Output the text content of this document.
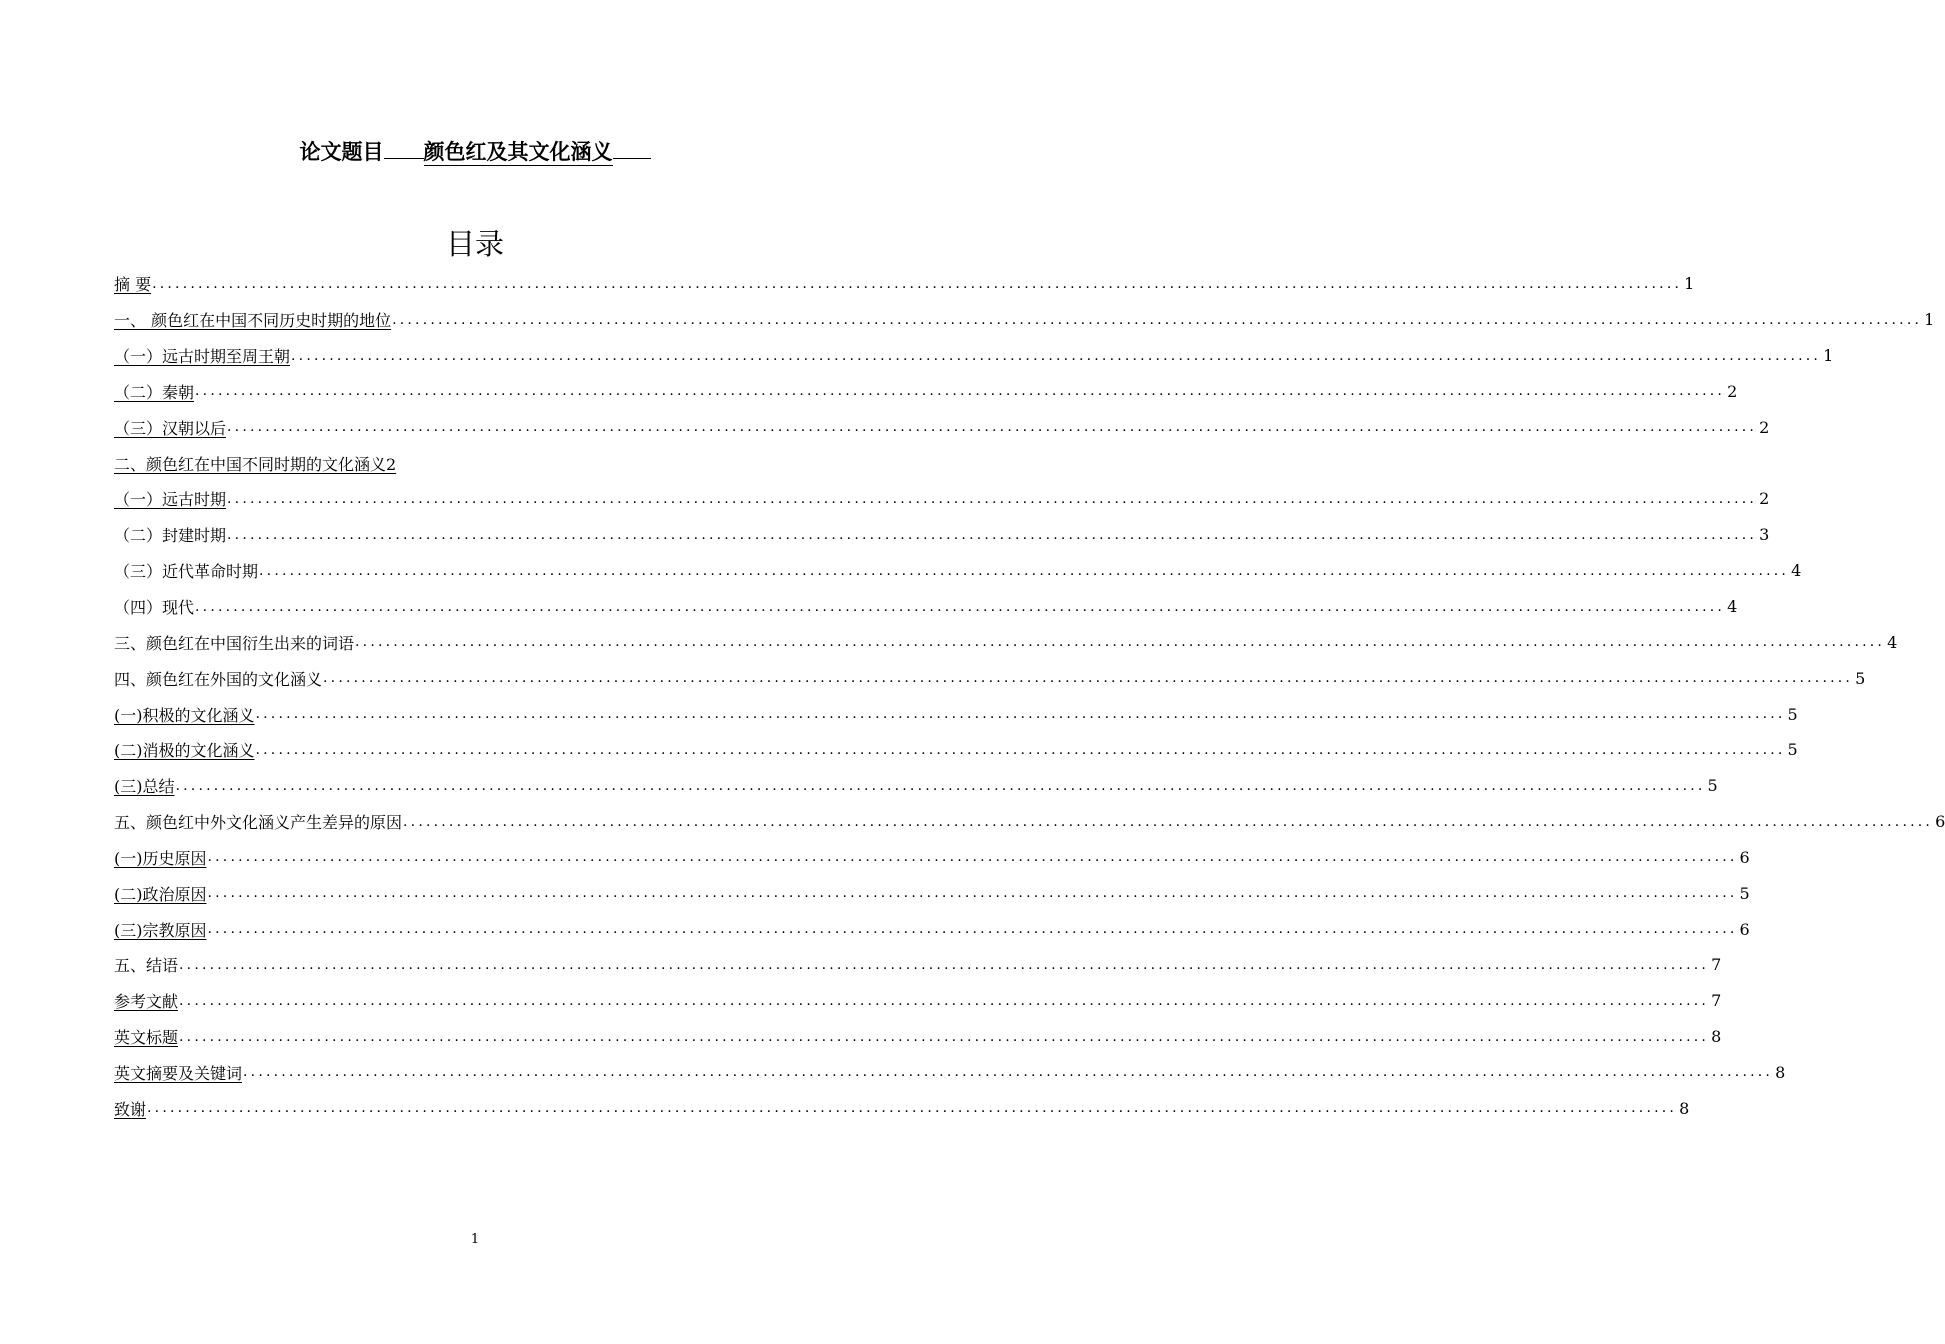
论文题目 颜色红及其文化涵义
目录
摘 要 ........................................................................................................................................................................................................ 1
一、 颜色红在中国不同历史时期的地位 ........................................................................................................................................................................................................ 1
（一）远古时期至周王朝 ........................................................................................................................................................................................................ 1
（二）秦朝 ........................................................................................................................................................................................................ 2
（三）汉朝以后 ........................................................................................................................................................................................................ 2
二、颜色红在中国不同时期的文化涵义2
（一）远古时期 ........................................................................................................................................................................................................ 2
（二）封建时期 ........................................................................................................................................................................................................ 3
（三）近代革命时期 ........................................................................................................................................................................................................ 4
（四）现代 ........................................................................................................................................................................................................ 4
三、颜色红在中国衍生出来的词语 ........................................................................................................................................................................................................ 4
四、颜色红在外国的文化涵义 ........................................................................................................................................................................................................ 5
(一)积极的文化涵义 ........................................................................................................................................................................................................ 5
(二)消极的文化涵义 ........................................................................................................................................................................................................ 5
(三)总结 ........................................................................................................................................................................................................ 5
五、颜色红中外文化涵义产生差异的原因 ........................................................................................................................................................................................................ 6
(一)历史原因 ........................................................................................................................................................................................................ 6
(二)政治原因 ........................................................................................................................................................................................................ 5
(三)宗教原因 ........................................................................................................................................................................................................ 6
五、结语 ........................................................................................................................................................................................................ 7
参考文献 ........................................................................................................................................................................................................ 7
英文标题 ........................................................................................................................................................................................................ 8
英文摘要及关键词 ........................................................................................................................................................................................................ 8
致谢 ........................................................................................................................................................................................................ 8
1
